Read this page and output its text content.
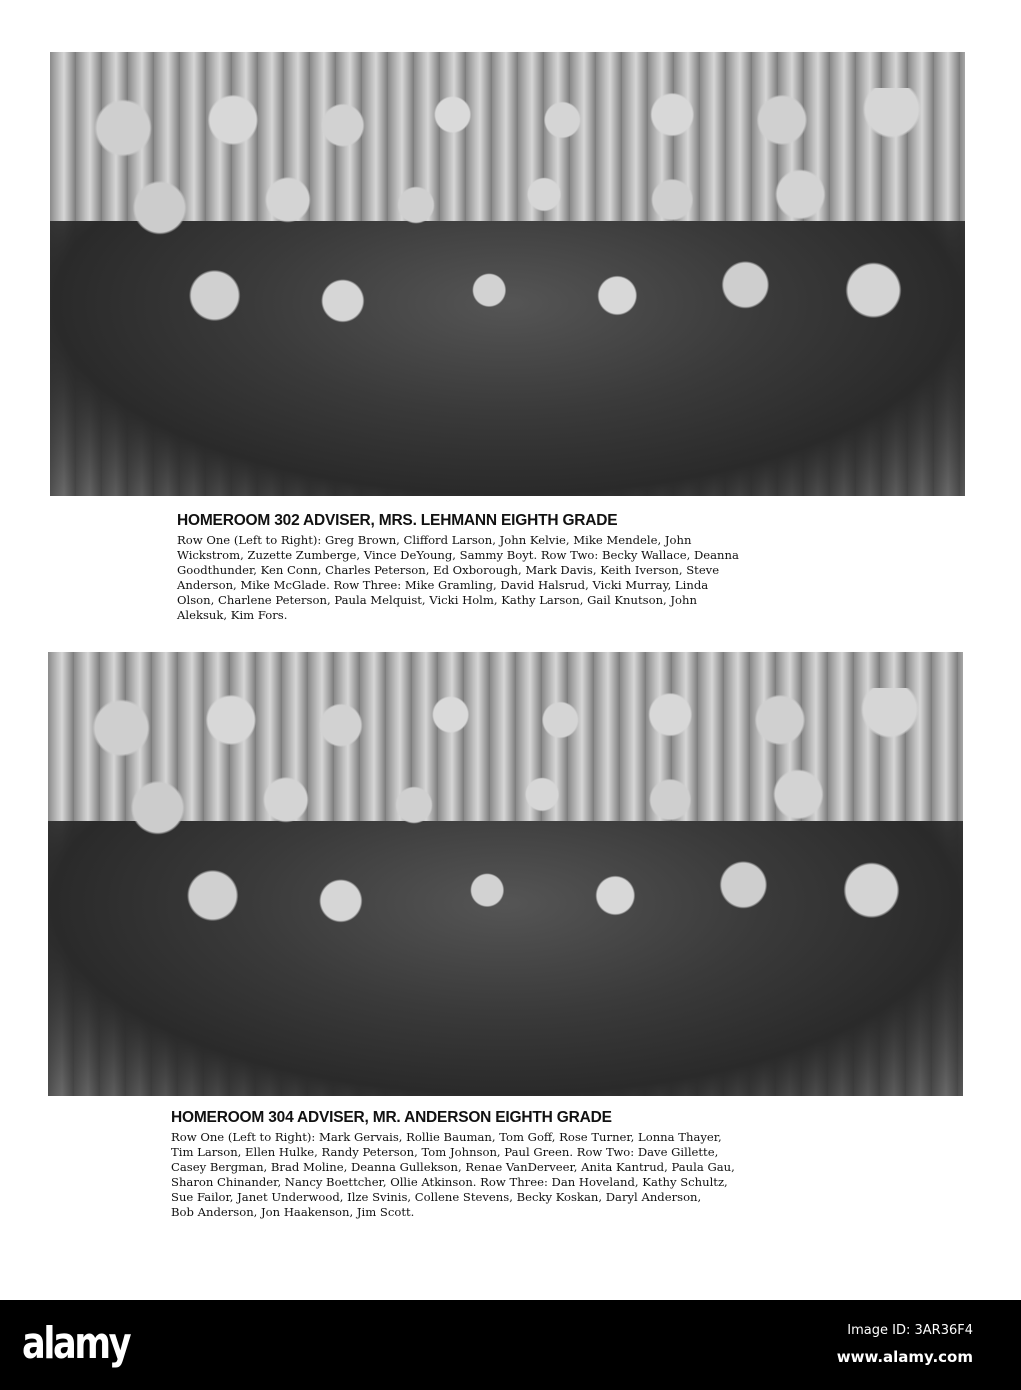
HOMEROOM 302 ADVISER, MRS. LEHMANN EIGHTH GRADE
Row One (Left to Right): Greg Brown, Clifford Larson, John Kelvie, Mike Mendele, John
Wickstrom, Zuzette Zumberge, Vince DeYoung, Sammy Boyt. Row Two: Becky Wallace, Deanna
Goodthunder, Ken Conn, Charles Peterson, Ed Oxborough, Mark Davis, Keith Iverson, Steve
Anderson, Mike McGlade. Row Three: Mike Gramling, David Halsrud, Vicki Murray, Linda
Olson, Charlene Peterson, Paula Melquist, Vicki Holm, Kathy Larson, Gail Knutson, John
Aleksuk, Kim Fors.
HOMEROOM 304 ADVISER, MR. ANDERSON EIGHTH GRADE
Row One (Left to Right): Mark Gervais, Rollie Bauman, Tom Goff, Rose Turner, Lonna Thayer,
Tim Larson, Ellen Hulke, Randy Peterson, Tom Johnson, Paul Green. Row Two: Dave Gillette,
Casey Bergman, Brad Moline, Deanna Gullekson, Renae VanDerveer, Anita Kantrud, Paula Gau,
Sharon Chinander, Nancy Boettcher, Ollie Atkinson. Row Three: Dan Hoveland, Kathy Schultz,
Sue Failor, Janet Underwood, Ilze Svinis, Collene Stevens, Becky Koskan, Daryl Anderson,
Bob Anderson, Jon Haakenson, Jim Scott.
alamy	Image ID: 3AR36F4
www.alamy.com
